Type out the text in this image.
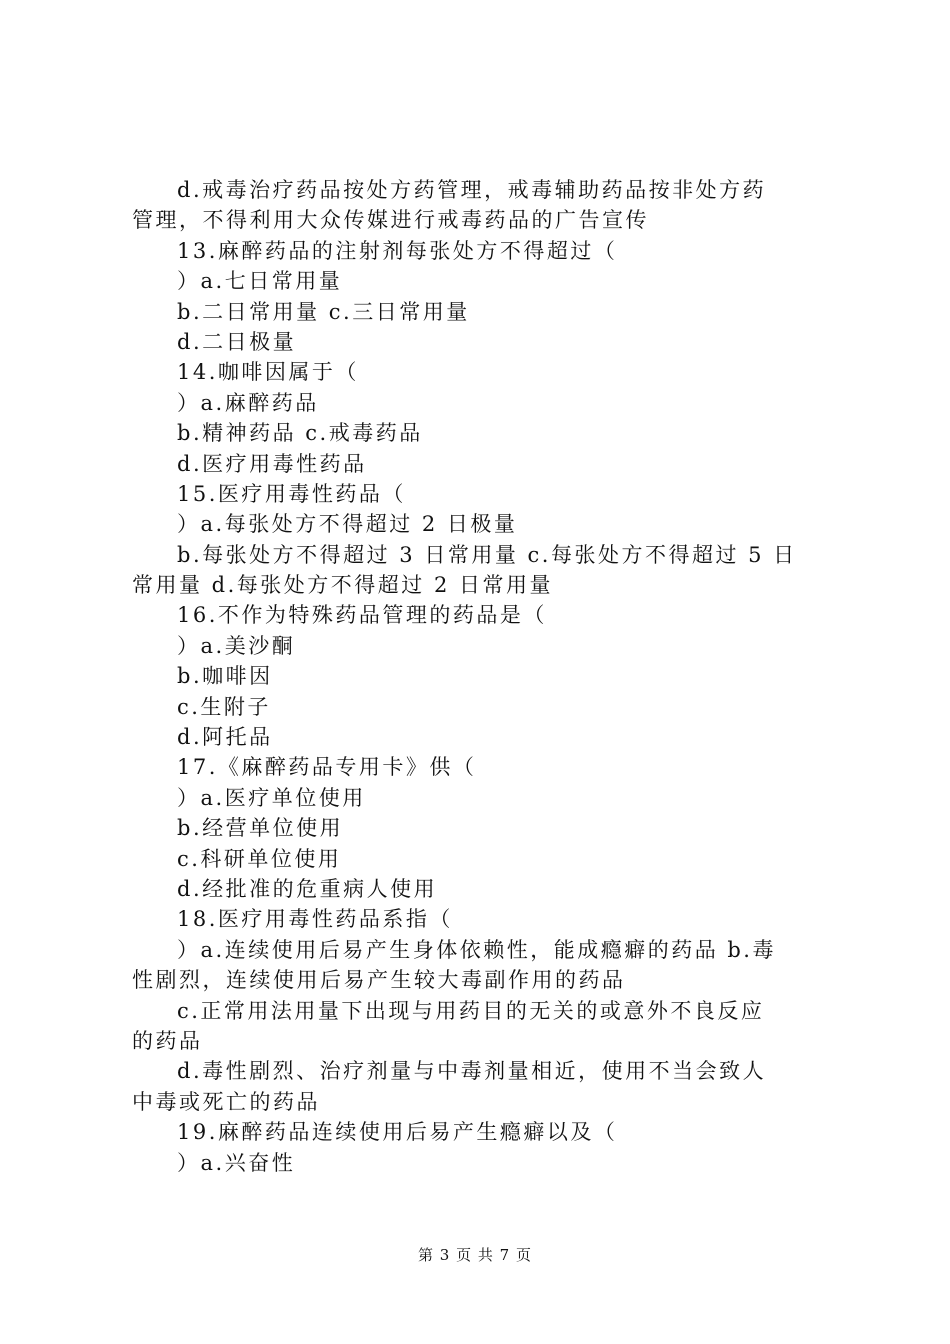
d.戒毒治疗药品按处方药管理，戒毒辅助药品按非处方药
管理，不得利用大众传媒进行戒毒药品的广告宣传
13.麻醉药品的注射剂每张处方不得超过（
）a.七日常用量
b.二日常用量 c.三日常用量
d.二日极量
14.咖啡因属于（
）a.麻醉药品
b.精神药品 c.戒毒药品
d.医疗用毒性药品
15.医疗用毒性药品（
）a.每张处方不得超过 2 日极量
b.每张处方不得超过 3 日常用量 c.每张处方不得超过 5 日
常用量 d.每张处方不得超过 2 日常用量
16.不作为特殊药品管理的药品是（
）a.美沙酮
b.咖啡因
c.生附子
d.阿托品
17.《麻醉药品专用卡》供（
）a.医疗单位使用
b.经营单位使用
c.科研单位使用
d.经批准的危重病人使用
18.医疗用毒性药品系指（
）a.连续使用后易产生身体依赖性，能成瘾癖的药品 b.毒
性剧烈，连续使用后易产生较大毒副作用的药品
c.正常用法用量下出现与用药目的无关的或意外不良反应
的药品
d.毒性剧烈、治疗剂量与中毒剂量相近，使用不当会致人
中毒或死亡的药品
19.麻醉药品连续使用后易产生瘾癖以及（
）a.兴奋性
第 3 页 共 7 页
